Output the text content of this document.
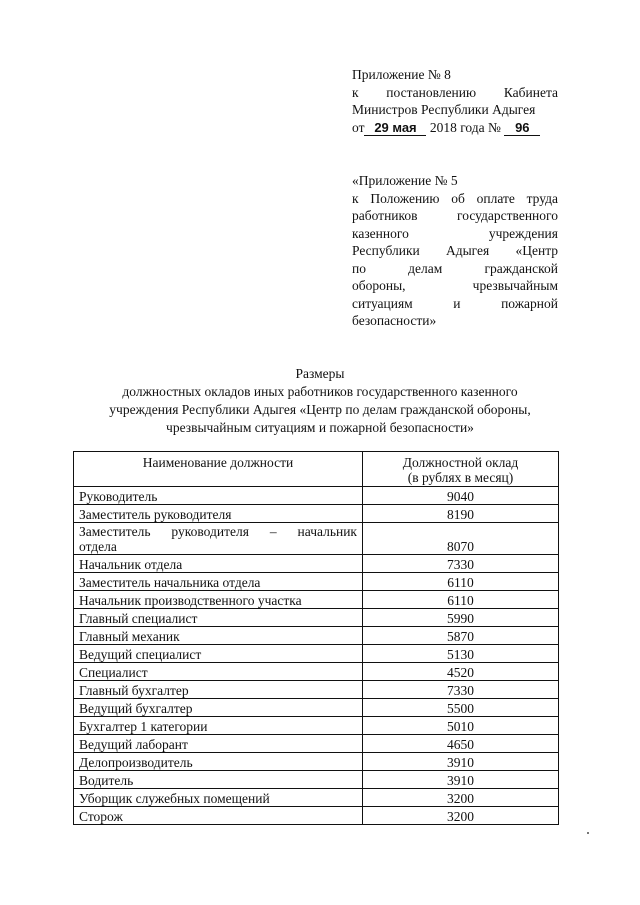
Приложение № 8
к постановлению Кабинета
Министров Республики Адыгея
от 29 мая 2018 года № 96
«Приложение № 5
к Положению об оплате труда
работников	государственного
казенного	учреждения
Республики Адыгея «Центр
по	делам	гражданской
обороны,	чрезвычайным
ситуациям	и	пожарной
безопасности»
Размеры
должностных окладов иных работников государственного казенного
учреждения Республики Адыгея «Центр по делам гражданской обороны,
чрезвычайным ситуациям и пожарной безопасности»
Наименование должности	Должностной оклад
(в рублях в месяц)

Руководитель	9040
Заместитель руководителя	8190

Заместитель руководителя – начальник
отдела	8070
Начальник отдела	7330
Заместитель начальника отдела	6110
Начальник производственного участка	6110
Главный специалист	5990
Главный механик	5870
Ведущий специалист	5130
Специалист	4520
Главный бухгалтер	7330
Ведущий бухгалтер	5500
Бухгалтер 1 категории	5010
Ведущий лаборант	4650
Делопроизводитель	3910
Водитель	3910
Уборщик служебных помещений	3200
Сторож	3200
